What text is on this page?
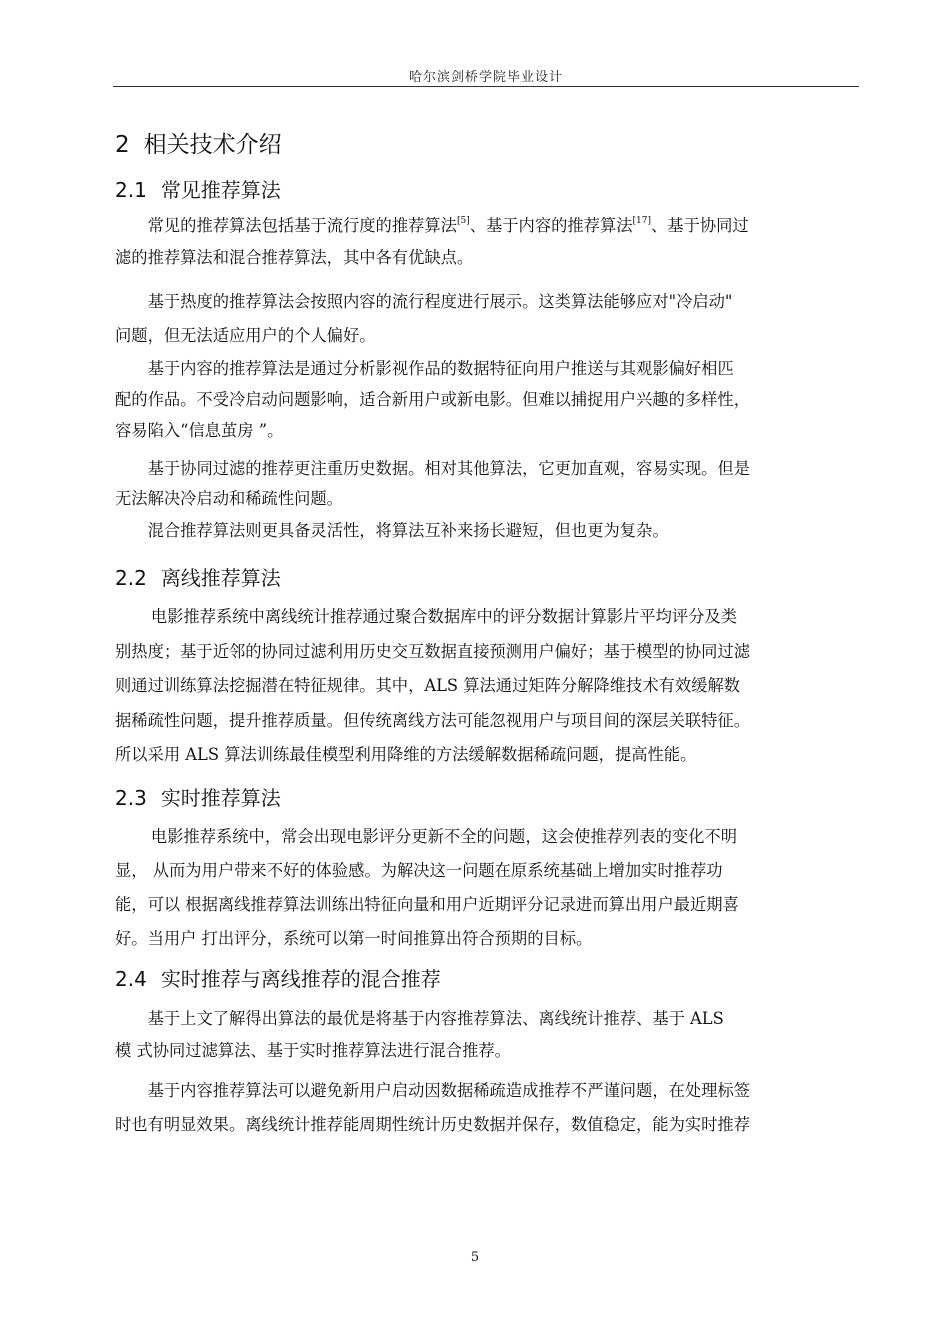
哈尔滨剑桥学院毕业设计
2 相关技术介绍
2.1 常见推荐算法
常见的推荐算法包括基于流行度的推荐算法[5]、基于内容的推荐算法[17]、基于协同过
滤的推荐算法和混合推荐算法，其中各有优缺点。
基于热度的推荐算法会按照内容的流行程度进行展示。这类算法能够应对"冷启动"
问题，但无法适应用户的个人偏好。
基于内容的推荐算法是通过分析影视作品的数据特征向用户推送与其观影偏好相匹
配的作品。不受冷启动问题影响，适合新用户或新电影。但难以捕捉用户兴趣的多样性，
容易陷入“信息茧房 ”。
基于协同过滤的推荐更注重历史数据。相对其他算法，它更加直观，容易实现。但是
无法解决冷启动和稀疏性问题。
混合推荐算法则更具备灵活性，将算法互补来扬长避短，但也更为复杂。
2.2 离线推荐算法
电影推荐系统中离线统计推荐通过聚合数据库中的评分数据计算影片平均评分及类
别热度；基于近邻的协同过滤利用历史交互数据直接预测用户偏好；基于模型的协同过滤
则通过训练算法挖掘潜在特征规律。其中，ALS 算法通过矩阵分解降维技术有效缓解数
据稀疏性问题，提升推荐质量。但传统离线方法可能忽视用户与项目间的深层关联特征。
所以采用 ALS 算法训练最佳模型利用降维的方法缓解数据稀疏问题，提高性能。
2.3 实时推荐算法
电影推荐系统中，常会出现电影评分更新不全的问题，这会使推荐列表的变化不明
显， 从而为用户带来不好的体验感。为解决这一问题在原系统基础上增加实时推荐功
能，可以 根据离线推荐算法训练出特征向量和用户近期评分记录进而算出用户最近期喜
好。当用户 打出评分，系统可以第一时间推算出符合预期的目标。
2.4 实时推荐与离线推荐的混合推荐
基于上文了解得出算法的最优是将基于内容推荐算法、离线统计推荐、基于 ALS
模 式协同过滤算法、基于实时推荐算法进行混合推荐。
基于内容推荐算法可以避免新用户启动因数据稀疏造成推荐不严谨问题，在处理标签
时也有明显效果。离线统计推荐能周期性统计历史数据并保存，数值稳定，能为实时推荐
5
